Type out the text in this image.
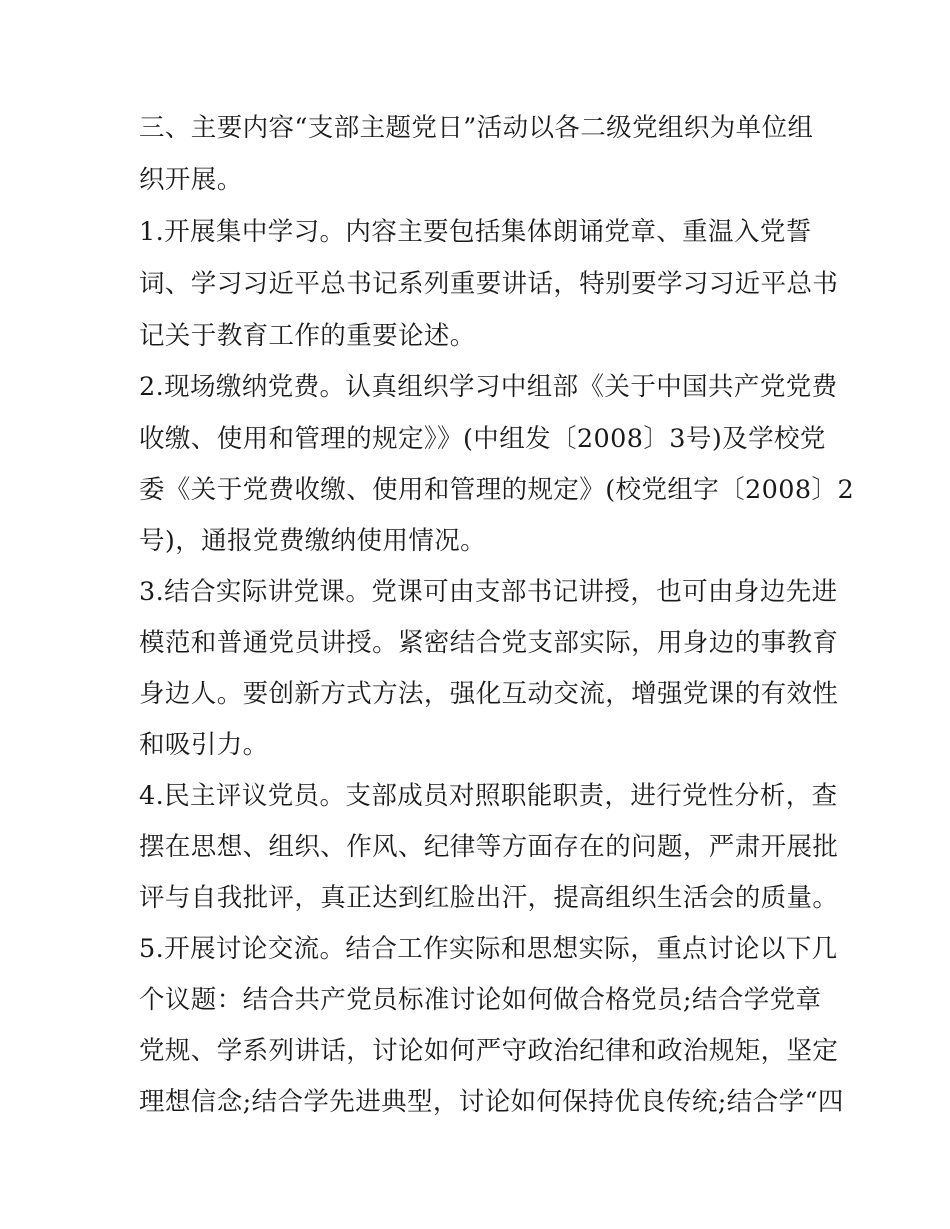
三、主要内容“支部主题党日”活动以各二级党组织为单位组
织开展。
1.开展集中学习。内容主要包括集体朗诵党章、重温入党誓
词、学习习近平总书记系列重要讲话，特别要学习习近平总书
记关于教育工作的重要论述。
2.现场缴纳党费。认真组织学习中组部《关于中国共产党党费
收缴、使用和管理的规定》》(中组发〔2008〕3号)及学校党
委《关于党费收缴、使用和管理的规定》(校党组字〔2008〕2
号)，通报党费缴纳使用情况。
3.结合实际讲党课。党课可由支部书记讲授，也可由身边先进
模范和普通党员讲授。紧密结合党支部实际，用身边的事教育
身边人。要创新方式方法，强化互动交流，增强党课的有效性
和吸引力。
4.民主评议党员。支部成员对照职能职责，进行党性分析，查
摆在思想、组织、作风、纪律等方面存在的问题，严肃开展批
评与自我批评，真正达到红脸出汗，提高组织生活会的质量。
5.开展讨论交流。结合工作实际和思想实际，重点讨论以下几
个议题：结合共产党员标准讨论如何做合格党员;结合学党章
党规、学系列讲话，讨论如何严守政治纪律和政治规矩，坚定
理想信念;结合学先进典型，讨论如何保持优良传统;结合学“四
